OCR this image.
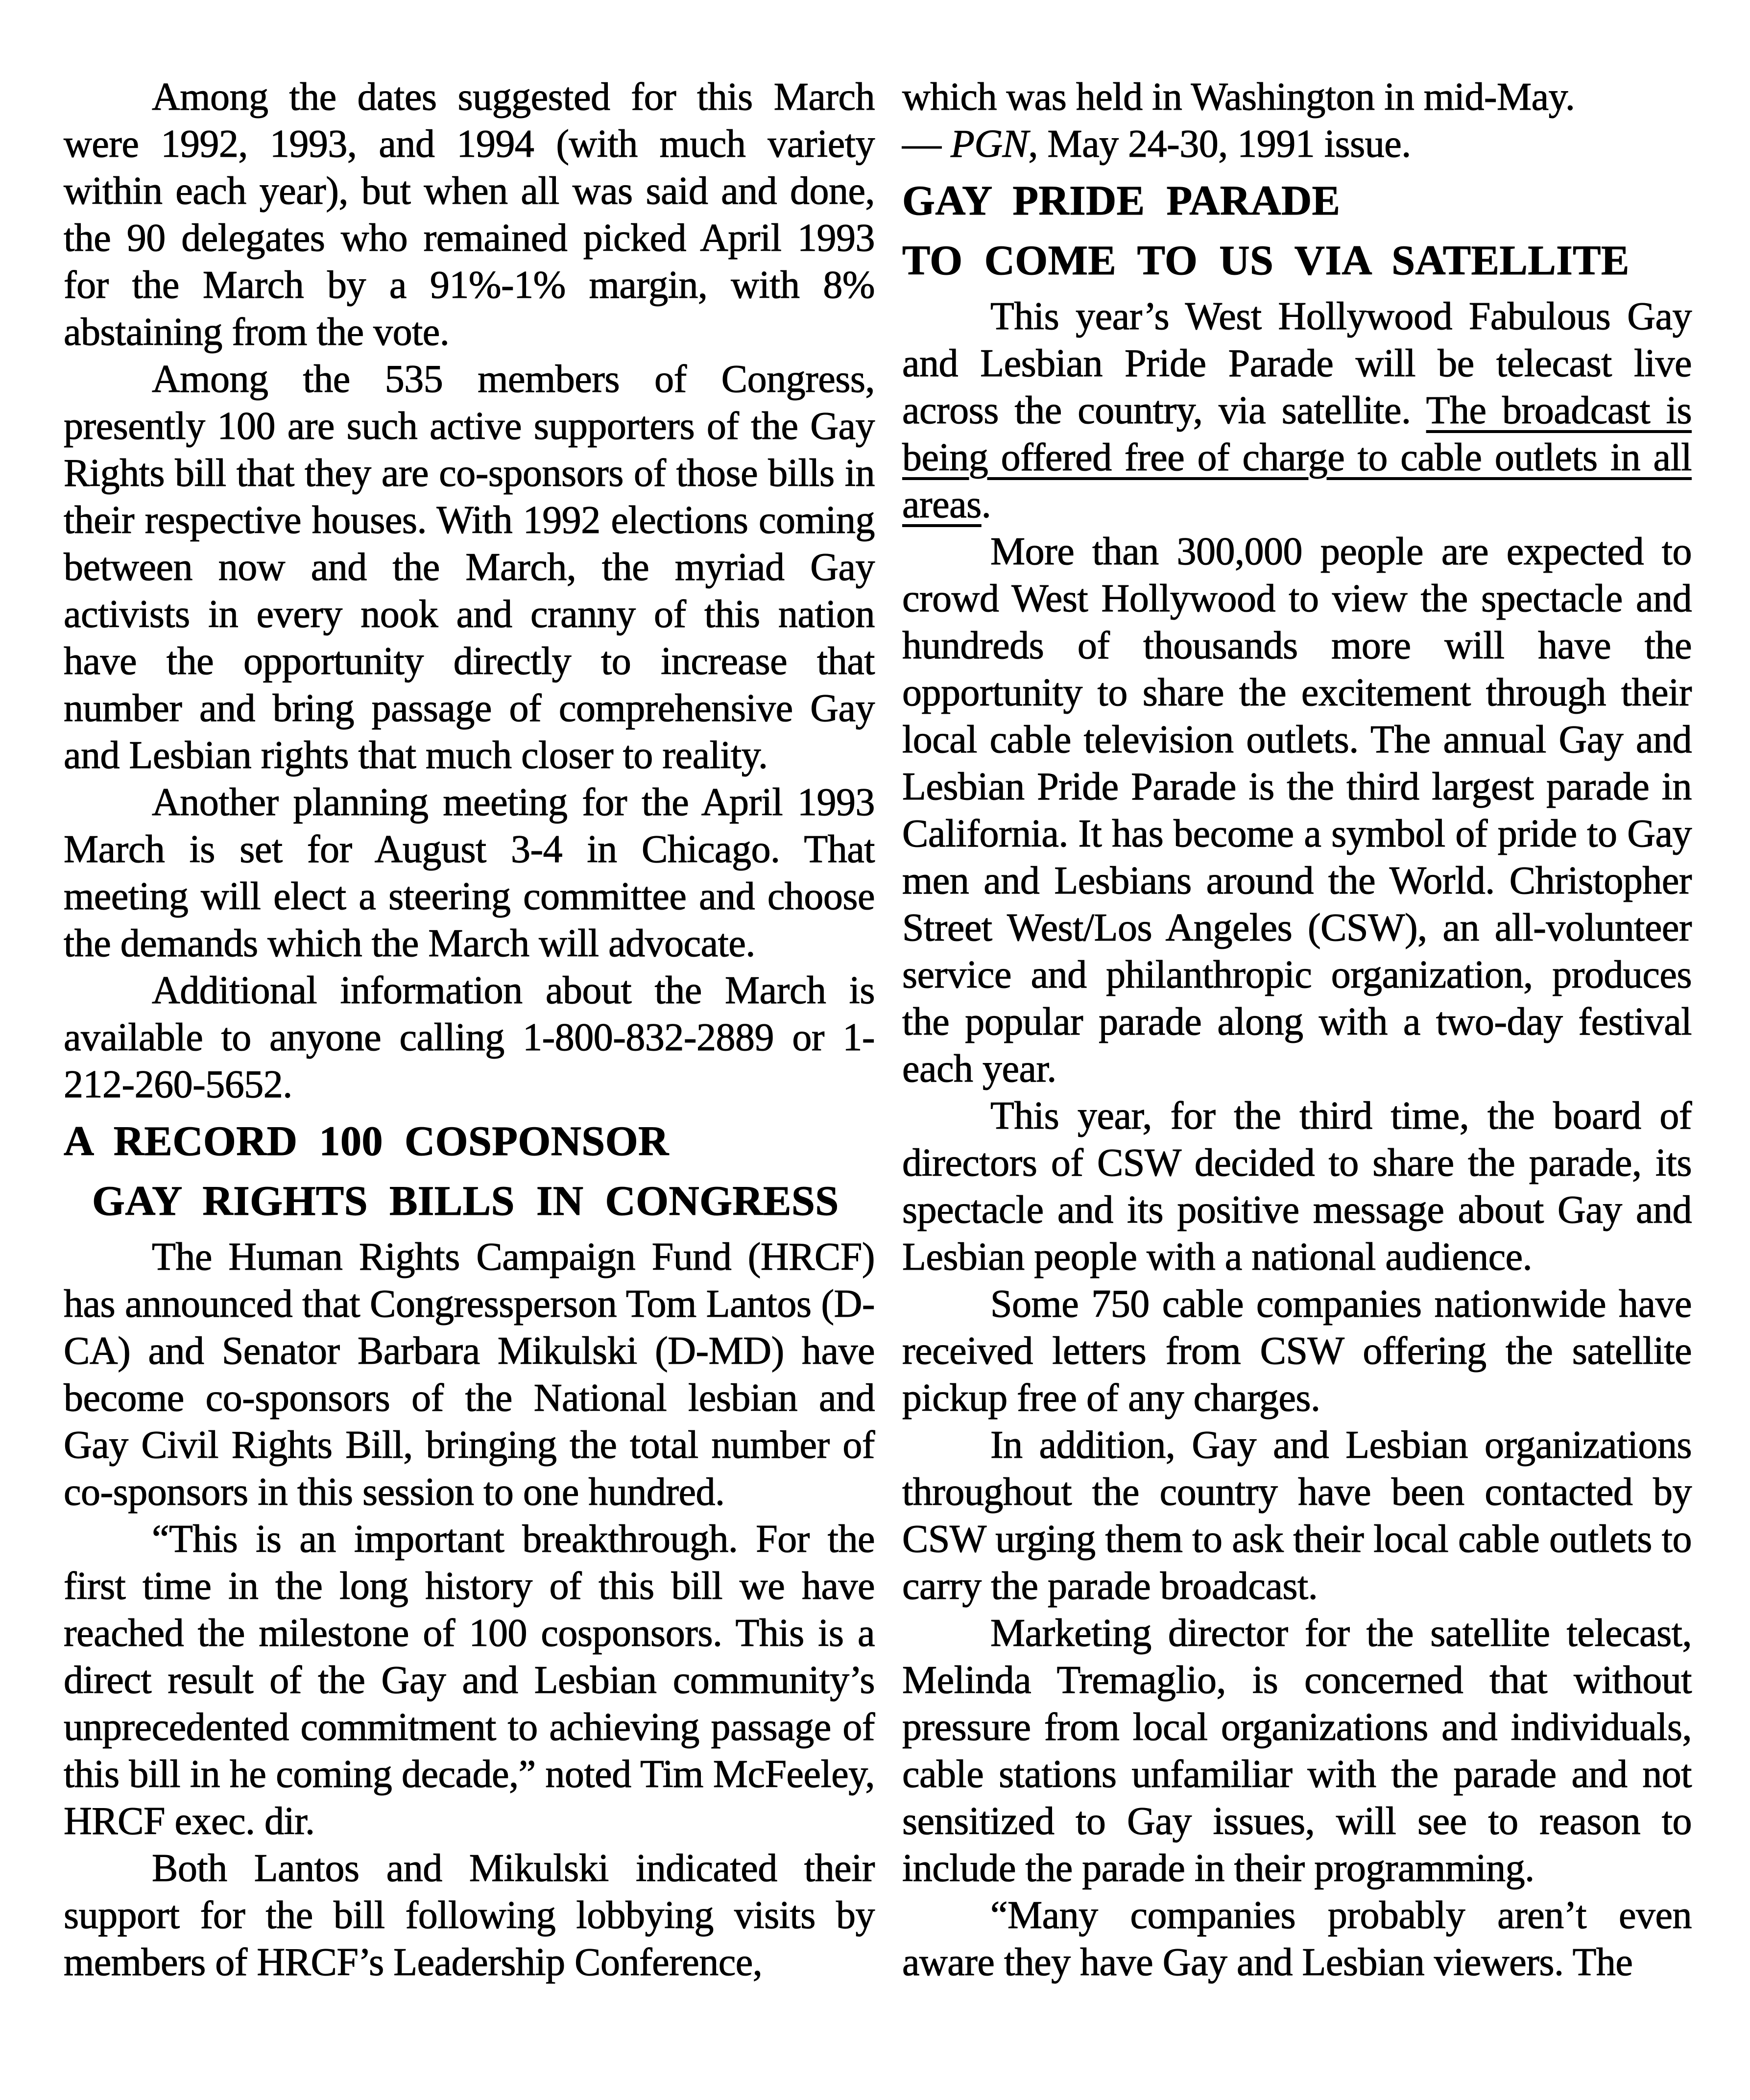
Among the dates suggested for this March were 1992, 1993, and 1994 (with much variety within each year), but when all was said and done, the 90 delegates who remained picked April 1993 for the March by a 91%-1% margin, with 8% abstaining from the vote.

Among the 535 members of Congress, presently 100 are such active supporters of the Gay Rights bill that they are co-sponsors of those bills in their respective houses. With 1992 elections coming between now and the March, the myriad Gay activists in every nook and cranny of this nation have the opportunity directly to increase that number and bring passage of comprehensive Gay and Lesbian rights that much closer to reality.

Another planning meeting for the April 1993 March is set for August 3-4 in Chicago. That meeting will elect a steering committee and choose the demands which the March will advocate.

Additional information about the March is available to anyone calling 1-800-832-2889 or 1-212-260-5652.

A RECORD 100 COSPONSOR
GAY RIGHTS BILLS IN CONGRESS

The Human Rights Campaign Fund (HRCF) has announced that Congressperson Tom Lantos (D-CA) and Senator Barbara Mikulski (D-MD) have become co-sponsors of the National lesbian and Gay Civil Rights Bill, bringing the total number of co-sponsors in this session to one hundred.

“This is an important breakthrough. For the first time in the long history of this bill we have reached the milestone of 100 cosponsors. This is a direct result of the Gay and Lesbian community’s unprecedented commitment to achieving passage of this bill in he coming decade,” noted Tim McFeeley, HRCF exec. dir.

Both Lantos and Mikulski indicated their support for the bill following lobbying visits by members of HRCF’s Leadership Conference,

which was held in Washington in mid-May.

— PGN, May 24-30, 1991 issue.

GAY PRIDE PARADE
TO COME TO US VIA SATELLITE

This year’s West Hollywood Fabulous Gay and Lesbian Pride Parade will be telecast live across the country, via satellite. The broadcast is being offered free of charge to cable outlets in all areas.

More than 300,000 people are expected to crowd West Hollywood to view the spectacle and hundreds of thousands more will have the opportunity to share the excitement through their local cable television outlets. The annual Gay and Lesbian Pride Parade is the third largest parade in California. It has become a symbol of pride to Gay men and Lesbians around the World. Christopher Street West/Los Angeles (CSW), an all-volunteer service and philanthropic organization, produces the popular parade along with a two-day festival each year.

This year, for the third time, the board of directors of CSW decided to share the parade, its spectacle and its positive message about Gay and Lesbian people with a national audience.

Some 750 cable companies nationwide have received letters from CSW offering the satellite pickup free of any charges.

In addition, Gay and Lesbian organizations throughout the country have been contacted by CSW urging them to ask their local cable outlets to carry the parade broadcast.

Marketing director for the satellite telecast, Melinda Tremaglio, is concerned that without pressure from local organizations and individuals, cable stations unfamiliar with the parade and not sensitized to Gay issues, will see to reason to include the parade in their programming.

“Many companies probably aren’t even aware they have Gay and Lesbian viewers. The
